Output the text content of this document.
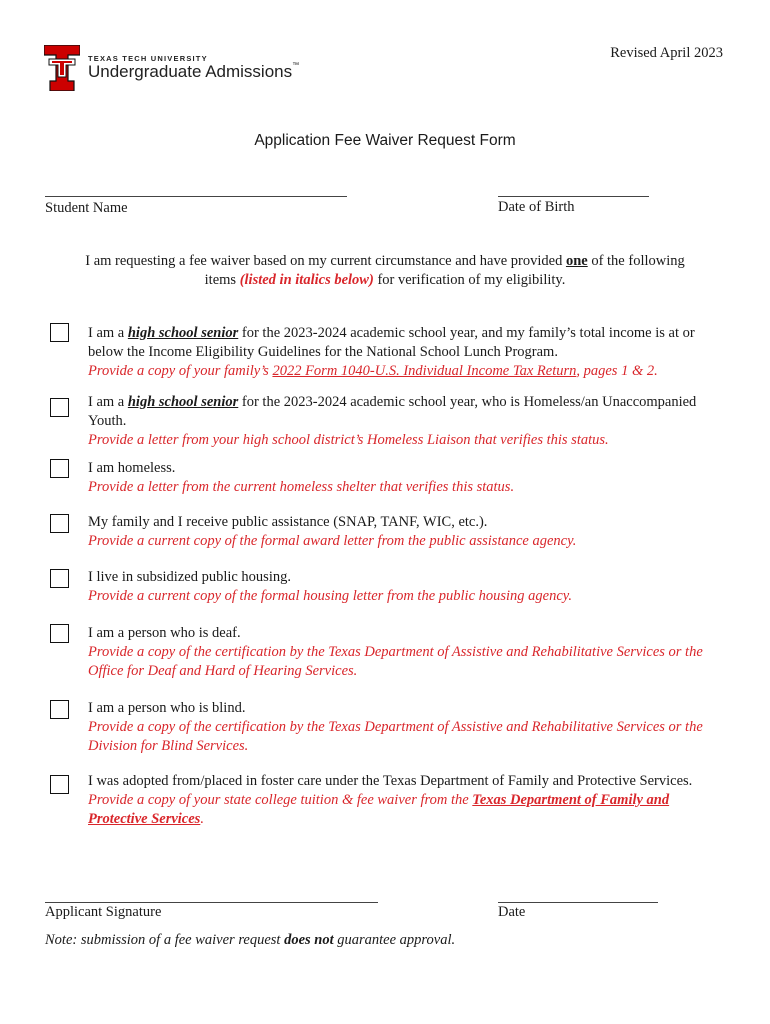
TEXAS TECH UNIVERSITY
Undergraduate Admissions™
Revised April 2023
Application Fee Waiver Request Form
Student Name	Date of Birth
I am requesting a fee waiver based on my current circumstance and have provided one of the following
items (listed in italics below) for verification of my eligibility.
I am a high school senior for the 2023-2024 academic school year, and my family’s total income is at or below the Income Eligibility Guidelines for the National School Lunch Program.
Provide a copy of your family’s 2022 Form 1040-U.S. Individual Income Tax Return, pages 1 & 2.
I am a high school senior for the 2023-2024 academic school year, who is Homeless/an Unaccompanied Youth.
Provide a letter from your high school district’s Homeless Liaison that verifies this status.
I am homeless.
Provide a letter from the current homeless shelter that verifies this status.
My family and I receive public assistance (SNAP, TANF, WIC, etc.).
Provide a current copy of the formal award letter from the public assistance agency.
I live in subsidized public housing.
Provide a current copy of the formal housing letter from the public housing agency.
I am a person who is deaf.
Provide a copy of the certification by the Texas Department of Assistive and Rehabilitative Services or the Office for Deaf and Hard of Hearing Services.
I am a person who is blind.
Provide a copy of the certification by the Texas Department of Assistive and Rehabilitative Services or the Division for Blind Services.
I was adopted from/placed in foster care under the Texas Department of Family and Protective Services.
Provide a copy of your state college tuition & fee waiver from the Texas Department of Family and Protective Services.
Applicant Signature	Date
Note: submission of a fee waiver request does not guarantee approval.
